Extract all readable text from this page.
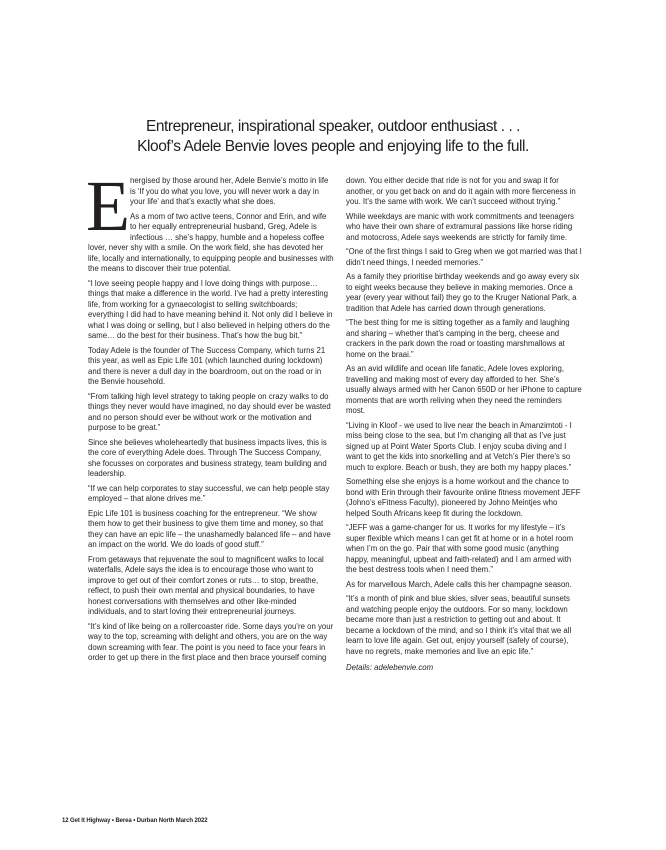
Entrepreneur, inspirational speaker, outdoor enthusiast . . .
Kloof’s Adele Benvie loves people and enjoying life to the full.

Energised by those around her, Adele Benvie’s motto in life is ‘If you do what you love, you will never work a day in your life’ and that’s exactly what she does.

As a mom of two active teens, Connor and Erin, and wife to her equally entrepreneurial husband, Greg, Adele is infectious … she’s happy, humble and a hopeless coffee lover, never shy with a smile. On the work field, she has devoted her life, locally and internationally, to equipping people and businesses with the means to discover their true potential.

“I love seeing people happy and I love doing things with purpose… things that make a difference in the world. I’ve had a pretty interesting life, from working for a gynaecologist to selling switchboards; everything I did had to have meaning behind it. Not only did I believe in what I was doing or selling, but I also believed in helping others do the same… do the best for their business. That’s how the bug bit.”

Today Adele is the founder of The Success Company, which turns 21 this year, as well as Epic Life 101 (which launched during lockdown) and there is never a dull day in the boardroom, out on the road or in the Benvie household.

“From talking high level strategy to taking people on crazy walks to do things they never would have imagined, no day should ever be wasted and no person should ever be without work or the motivation and purpose to be great.”

Since she believes wholeheartedly that business impacts lives, this is the core of everything Adele does. Through The Success Company, she focusses on corporates and business strategy, team building and leadership.

“If we can help corporates to stay successful, we can help people stay employed – that alone drives me.”

Epic Life 101 is business coaching for the entrepreneur. “We show them how to get their business to give them time and money, so that they can have an epic life – the unashamedly balanced life – and have an impact on the world. We do loads of good stuff.”

From getaways that rejuvenate the soul to magnificent walks to local waterfalls, Adele says the idea is to encourage those who want to improve to get out of their comfort zones or ruts… to stop, breathe, reflect, to push their own mental and physical boundaries, to have honest conversations with themselves and other like-minded individuals, and to start loving their entrepreneurial journeys.

“It’s kind of like being on a rollercoaster ride. Some days you’re on your way to the top, screaming with delight and others, you are on the way down screaming with fear. The point is you need to face your fears in order to get up there in the first place and then brace yourself coming

down. You either decide that ride is not for you and swap it for another, or you get back on and do it again with more fierceness in you. It’s the same with work. We can’t succeed without trying.”

While weekdays are manic with work commitments and teenagers who have their own share of extramural passions like horse riding and motocross, Adele says weekends are strictly for family time.

“One of the first things I said to Greg when we got married was that I didn’t need things, I needed memories.”

As a family they prioritise birthday weekends and go away every six to eight weeks because they believe in making memories. Once a year (every year without fail) they go to the Kruger National Park, a tradition that Adele has carried down through generations.

“The best thing for me is sitting together as a family and laughing and sharing – whether that’s camping in the berg, cheese and crackers in the park down the road or toasting marshmallows at home on the braai.”

As an avid wildlife and ocean life fanatic, Adele loves exploring, travelling and making most of every day afforded to her. She’s usually always armed with her Canon 650D or her iPhone to capture moments that are worth reliving when they need the reminders most.

“Living in Kloof - we used to live near the beach in Amanzimtoti - I miss being close to the sea, but I’m changing all that as I’ve just signed up at Point Water Sports Club. I enjoy scuba diving and I want to get the kids into snorkelling and at Vetch’s Pier there’s so much to explore. Beach or bush, they are both my happy places.”

Something else she enjoys is a home workout and the chance to bond with Erin through their favourite online fitness movement JEFF (Johno’s eFitness Faculty), pioneered by Johno Meintjes who helped South Africans keep fit during the lockdown.

“JEFF was a game-changer for us. It works for my lifestyle – it’s super flexible which means I can get fit at home or in a hotel room when I’m on the go. Pair that with some good music (anything happy, meaningful, upbeat and faith-related) and I am armed with the best destress tools when I need them.”

As for marvellous March, Adele calls this her champagne season.

“It’s a month of pink and blue skies, silver seas, beautiful sunsets and watching people enjoy the outdoors. For so many, lockdown became more than just a restriction to getting out and about. It became a lockdown of the mind, and so I think it’s vital that we all learn to love life again. Get out, enjoy yourself (safely of course), have no regrets, make memories and live an epic life.”

Details: adelebenvie.com

12 Get It Highway • Berea • Durban North March 2022
